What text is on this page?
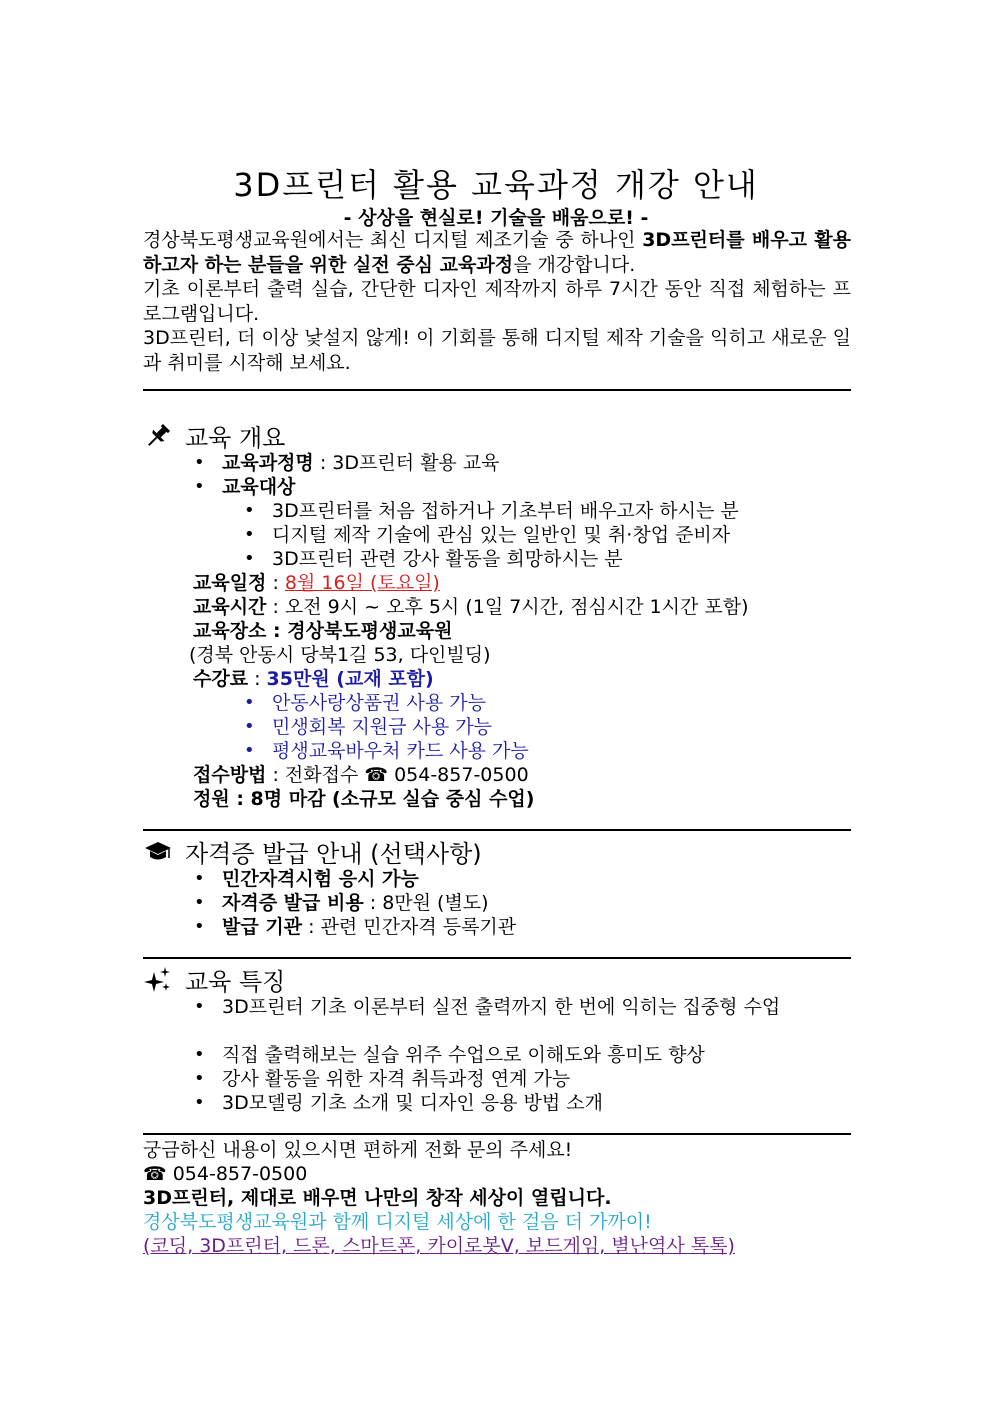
3D프린터 활용 교육과정 개강 안내
- 상상을 현실로! 기술을 배움으로! -

경상북도평생교육원에서는 최신 디지털 제조기술 중 하나인 3D프린터를 배우고 활용하고자 하는 분들을 위한 실전 중심 교육과정을 개강합니다.

기초 이론부터 출력 실습, 간단한 디자인 제작까지 하루 7시간 동안 직접 체험하는 프로그램입니다.

3D프린터, 더 이상 낯설지 않게! 이 기회를 통해 디지털 제작 기술을 익히고 새로운 일과 취미를 시작해 보세요.

교육 개요
• 교육과정명 : 3D프린터 활용 교육
• 교육대상
• 3D프린터를 처음 접하거나 기초부터 배우고자 하시는 분
• 디지털 제작 기술에 관심 있는 일반인 및 취·창업 준비자
• 3D프린터 관련 강사 활동을 희망하시는 분
교육일정 : 8월 16일 (토요일)
교육시간 : 오전 9시 ~ 오후 5시 (1일 7시간, 점심시간 1시간 포함)
교육장소 : 경상북도평생교육원
(경북 안동시 당북1길 53, 다인빌딩)
수강료 : 35만원 (교재 포함)
• 안동사랑상품권 사용 가능
• 민생회복 지원금 사용 가능
• 평생교육바우처 카드 사용 가능
접수방법 : 전화접수 ☎ 054-857-0500
정원 : 8명 마감 (소규모 실습 중심 수업)
자격증 발급 안내 (선택사항)
• 민간자격시험 응시 가능
• 자격증 발급 비용 : 8만원 (별도)
• 발급 기관 : 관련 민간자격 등록기관
교육 특징
• 3D프린터 기초 이론부터 실전 출력까지 한 번에 익히는 집중형 수업
• 직접 출력해보는 실습 위주 수업으로 이해도와 흥미도 향상
• 강사 활동을 위한 자격 취득과정 연계 가능
• 3D모델링 기초 소개 및 디자인 응용 방법 소개
궁금하신 내용이 있으시면 편하게 전화 문의 주세요!
☎ 054-857-0500
3D프린터, 제대로 배우면 나만의 창작 세상이 열립니다.
경상북도평생교육원과 함께 디지털 세상에 한 걸음 더 가까이!
(코딩, 3D프린터, 드론, 스마트폰, 카이로봇V, 보드게임, 별난역사 톡톡)
